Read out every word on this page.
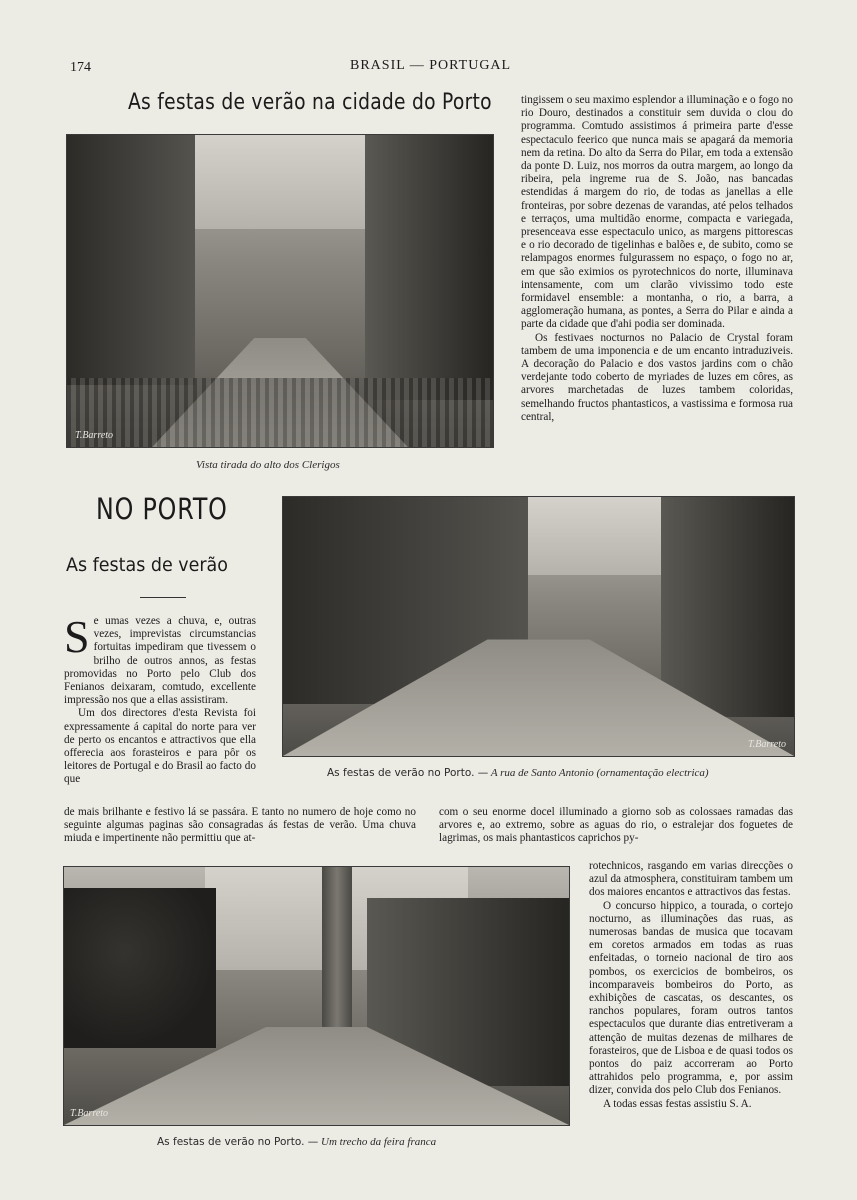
174	BRASIL — PORTUGAL
As festas de verão na cidade do Porto
T.Barreto
Vista tirada do alto dos Clerigos

tingissem o seu maximo esplendor a illuminação e o fogo no rio Douro, destinados a constituir sem duvida o clou do programma. Comtudo assistimos á primeira parte d'esse espectaculo feerico que nunca mais se apagará da memoria nem da retina. Do alto da Serra do Pilar, em toda a extensão da ponte D. Luiz, nos morros da outra margem, ao longo da ribeira, pela ingreme rua de S. João, nas bancadas estendidas á margem do rio, de todas as janellas a elle fronteiras, por sobre dezenas de varandas, até pelos telhados e terraços, uma multidão enorme, compacta e variegada, presenceava esse espectaculo unico, as margens pittorescas e o rio decorado de tigelinhas e balões e, de subito, como se relampagos enormes fulgurassem no espaço, o fogo no ar, em que são eximios os pyrotechnicos do norte, illuminava intensamente, com um clarão vivissimo todo este formidavel ensemble: a montanha, o rio, a barra, a agglomeração humana, as pontes, a Serra do Pilar e ainda a parte da cidade que d'ahi podia ser dominada.

Os festivaes nocturnos no Palacio de Crystal foram tambem de uma imponencia e de um encanto intraduziveis. A decoração do Palacio e dos vastos jardins com o chão verdejante todo coberto de myriades de luzes em côres, as arvores marchetadas de luzes tambem coloridas, semelhando fructos phantasticos, a vastissima e formosa rua central,

NO PORTO
As festas de verão
T.Barreto
As festas de verão no Porto. — A rua de Santo Antonio (ornamentação electrica)

Se umas vezes a chuva, e, outras vezes, imprevistas circumstancias fortuitas impediram que tivessem o brilho de outros annos, as festas promovidas no Porto pelo Club dos Fenianos deixaram, comtudo, excellente impressão nos que a ellas assistiram.

Um dos directores d'esta Revista foi expressamente á capital do norte para ver de perto os encantos e attractivos que ella offerecia aos forasteiros e para pôr os leitores de Portugal e do Brasil ao facto do que

de mais brilhante e festivo lá se passára. E tanto no numero de hoje como no seguinte algumas paginas são consagradas ás festas de verão. Uma chuva miuda e impertinente não permittiu que at-
com o seu enorme docel illuminado a giorno sob as colossaes ramadas das arvores e, ao extremo, sobre as aguas do rio, o estralejar dos foguetes de lagrimas, os mais phantasticos caprichos py-
T.Barreto
As festas de verão no Porto. — Um trecho da feira franca

rotechnicos, rasgando em varias direcções o azul da atmosphera, constituiram tambem um dos maiores encantos e attractivos das festas.

O concurso hippico, a tourada, o cortejo nocturno, as illuminações das ruas, as numerosas bandas de musica que tocavam em coretos armados em todas as ruas enfeitadas, o torneio nacional de tiro aos pombos, os exercicios de bombeiros, os incomparaveis bombeiros do Porto, as exhibições de cascatas, os descantes, os ranchos populares, foram outros tantos espectaculos que durante dias entretiveram a attenção de muitas dezenas de milhares de forasteiros, que de Lisboa e de quasi todos os pontos do paiz accorreram ao Porto attrahidos pelo programma, e, por assim dizer, convida dos pelo Club dos Fenianos.

A todas essas festas assistiu S. A.
